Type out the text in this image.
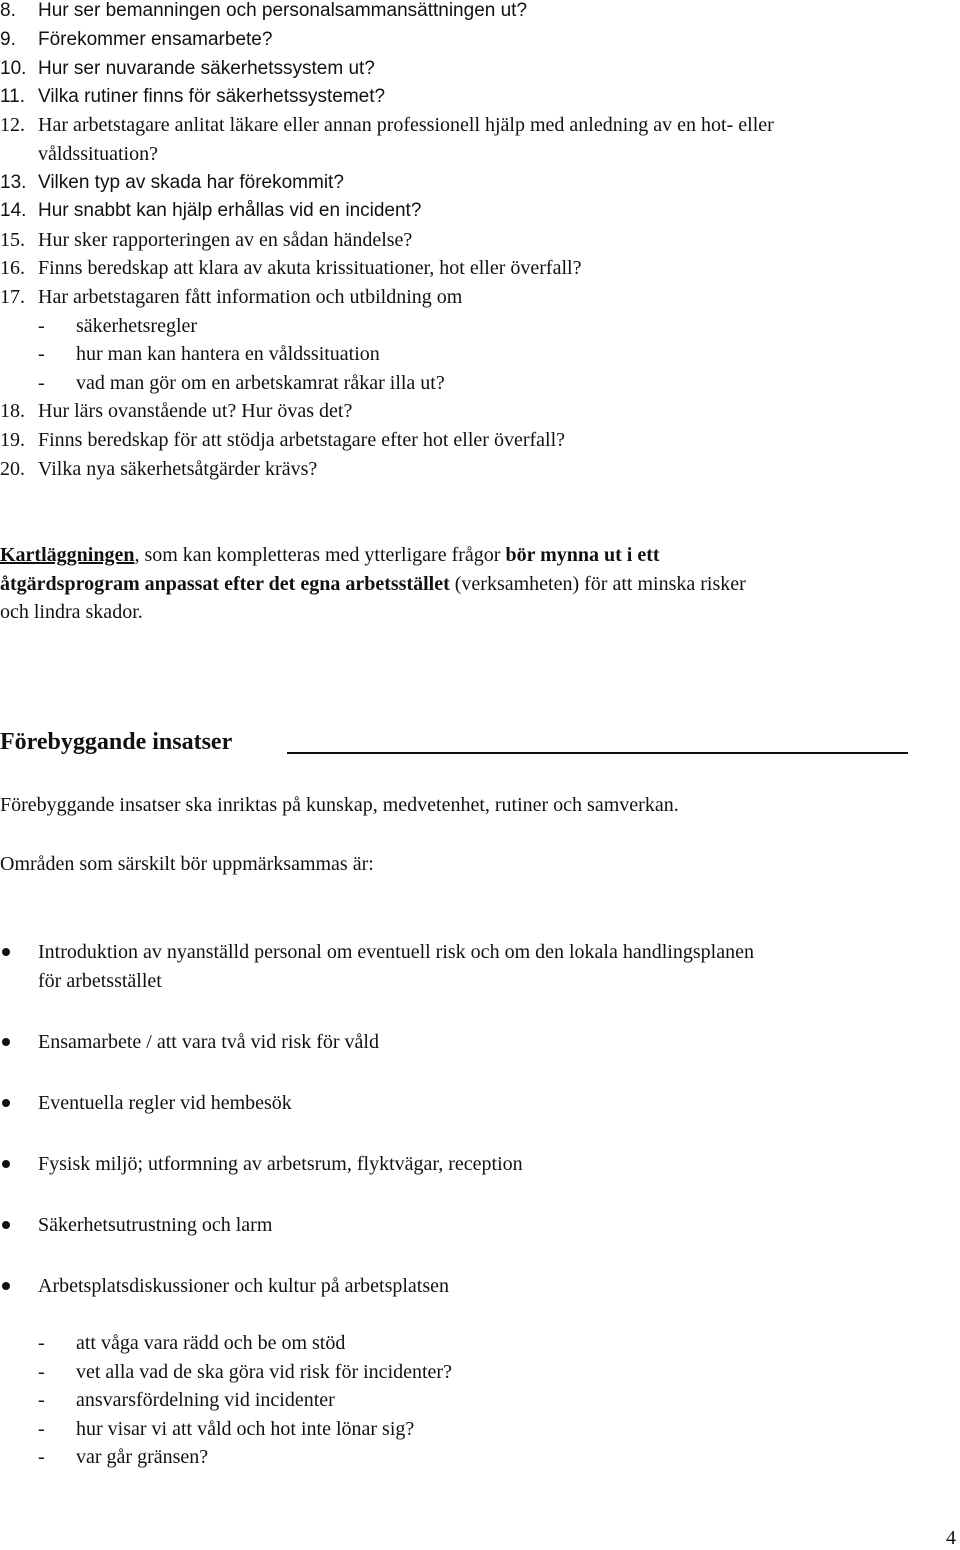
8. Hur ser bemanningen och personalsammansättningen ut?
9. Förekommer ensamarbete?
10. Hur ser nuvarande säkerhetssystem ut?
11. Vilka rutiner finns för säkerhetssystemet?
12. Har arbetstagare anlitat läkare eller annan professionell hjälp med anledning av en hot- eller
våldssituation?
13. Vilken typ av skada har förekommit?
14. Hur snabbt kan hjälp erhållas vid en incident?
15. Hur sker rapporteringen av en sådan händelse?
16. Finns beredskap att klara av akuta krissituationer, hot eller överfall?
17. Har arbetstagaren fått information och utbildning om
- säkerhetsregler
- hur man kan hantera en våldssituation
- vad man gör om en arbetskamrat råkar illa ut?
18. Hur lärs ovanstående ut? Hur övas det?
19. Finns beredskap för att stödja arbetstagare efter hot eller överfall?
20. Vilka nya säkerhetsåtgärder krävs?
Kartläggningen, som kan kompletteras med ytterligare frågor bör mynna ut i ett
åtgärdsprogram anpassat efter det egna arbetsstället (verksamheten) för att minska risker
och lindra skador.
Förebyggande insatser
Förebyggande insatser ska inriktas på kunskap, medvetenhet, rutiner och samverkan.
Områden som särskilt bör uppmärksammas är:
Introduktion av nyanställd personal om eventuell risk och om den lokala handlingsplanen
för arbetsstället
Ensamarbete / att vara två vid risk för våld
Eventuella regler vid hembesök
Fysisk miljö; utformning av arbetsrum, flyktvägar, reception
Säkerhetsutrustning och larm
Arbetsplatsdiskussioner och kultur på arbetsplatsen
- att våga vara rädd och be om stöd
- vet alla vad de ska göra vid risk för incidenter?
- ansvarsfördelning vid incidenter
- hur visar vi att våld och hot inte lönar sig?
- var går gränsen?
4
